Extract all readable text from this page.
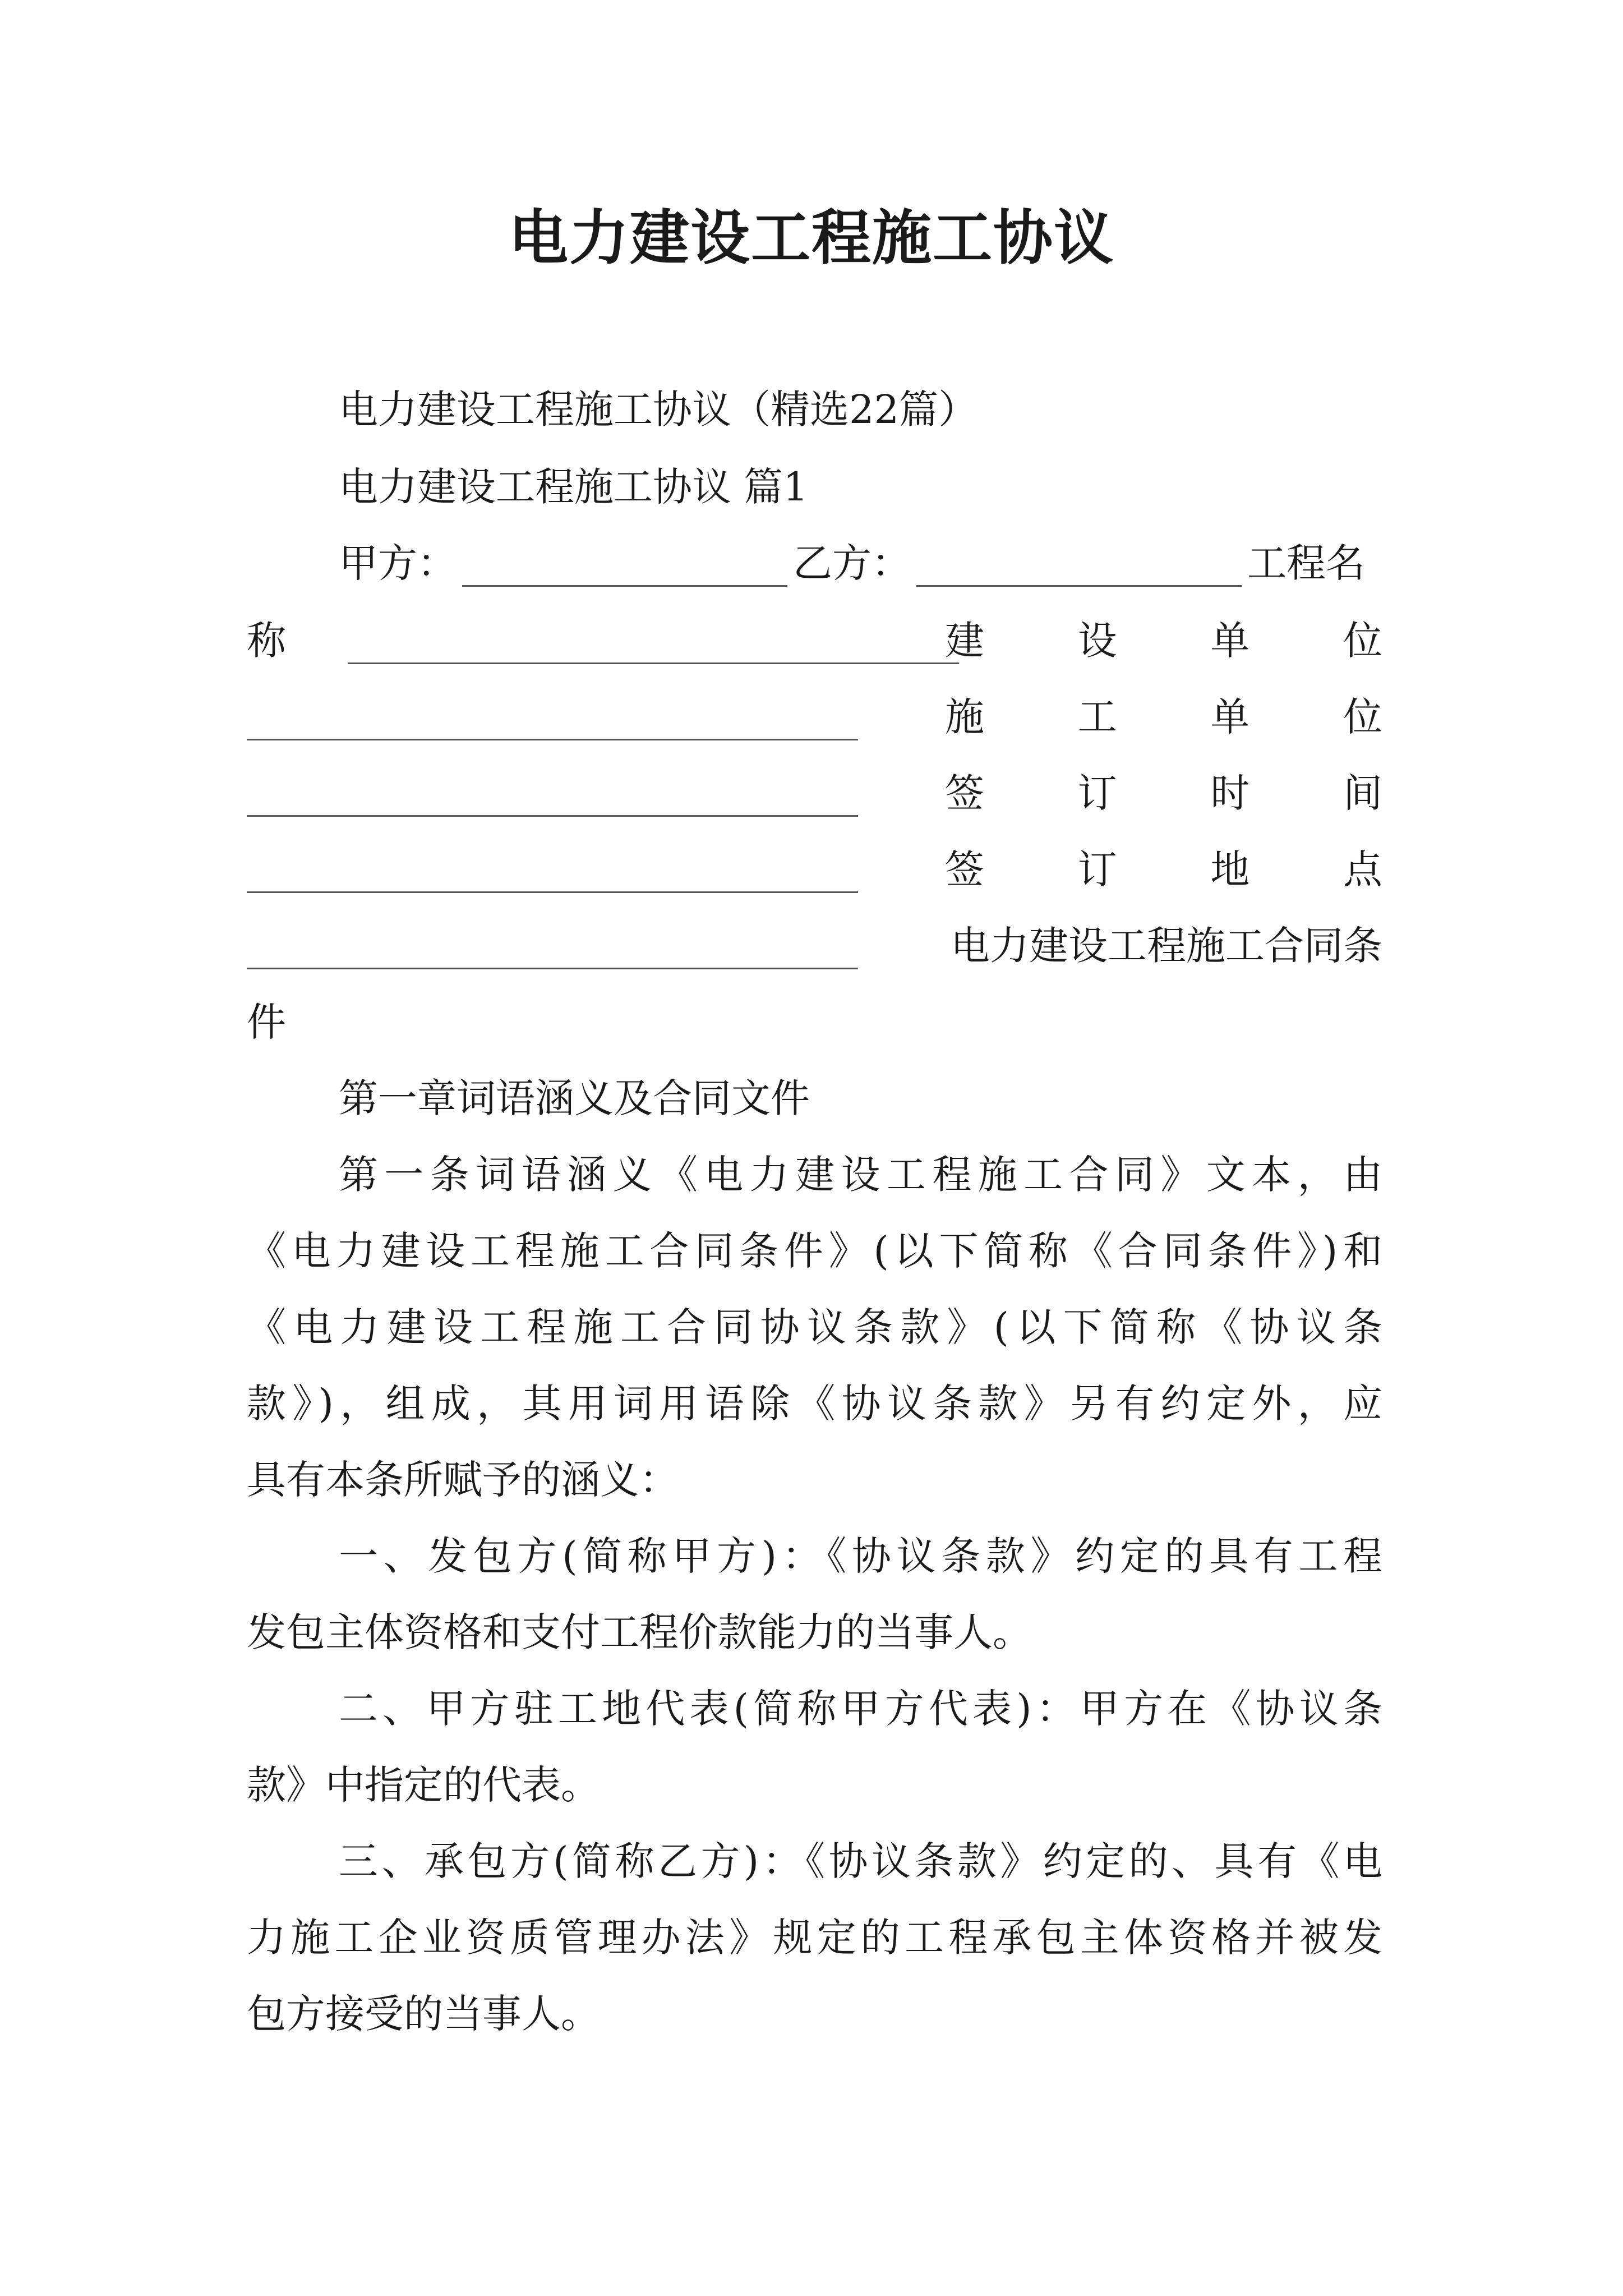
电力建设工程施工协议
电力建设工程施工协议（精选22篇）
电力建设工程施工协议 篇1
甲方：	乙方：	工程名
称	建 设 单 位
施 工 单 位
签 订 时 间
签 订 地 点
电力建设工程施工合同条
件
第一章词语涵义及合同文件
第一条词语涵义《电力建设工程施工合同》文本，由
《电力建设工程施工合同条件》(以下简称《合同条件》)和
《电力建设工程施工合同协议条款》(以下简称《协议条
款》)，组成，其用词用语除《协议条款》另有约定外，应
具有本条所赋予的涵义：
一、发包方(简称甲方)：《协议条款》约定的具有工程
发包主体资格和支付工程价款能力的当事人。
二、甲方驻工地代表(简称甲方代表)：甲方在《协议条
款》中指定的代表。
三、承包方(简称乙方)：《协议条款》约定的、具有《电
力施工企业资质管理办法》规定的工程承包主体资格并被发
包方接受的当事人。
